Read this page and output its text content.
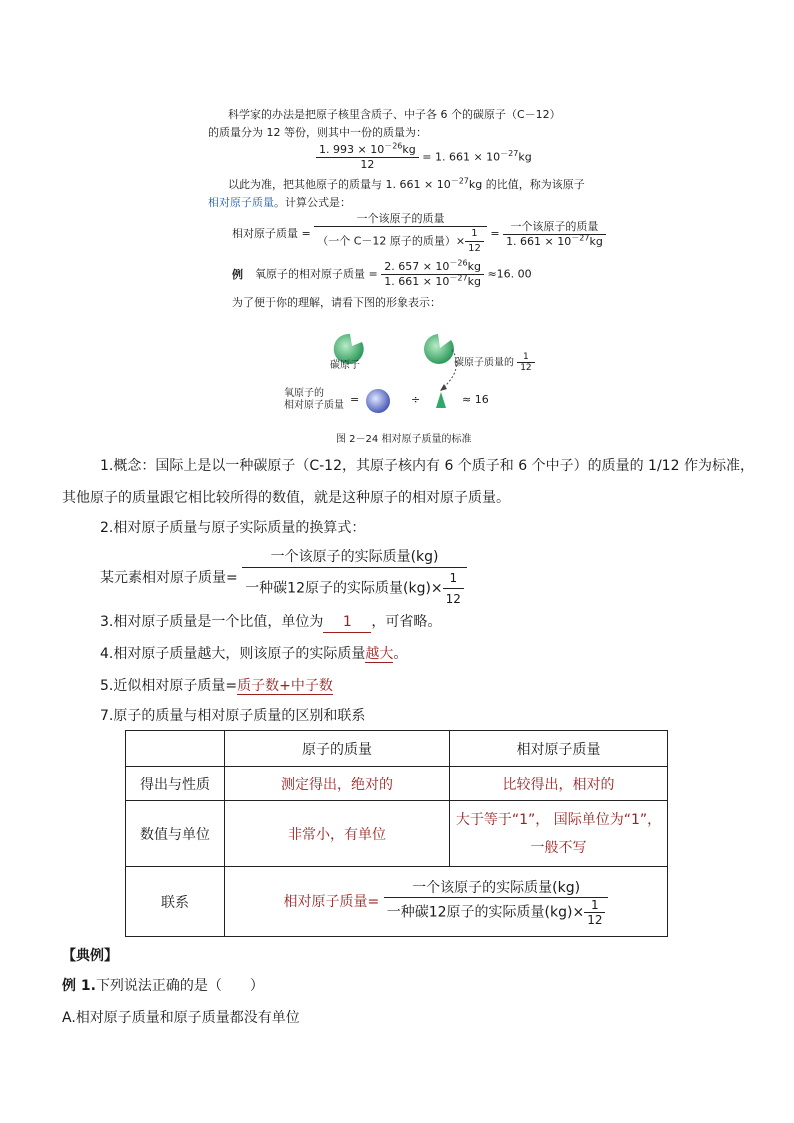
科学家的办法是把原子核里含质子、中子各 6 个的碳原子（C－12）
的质量分为 12 等份，则其中一份的质量为：
$\frac{1. 993 \times 10^{-26}kg}{12} = 1$. $661 \times 10^{-27}kg$
以此为准，把其他原子的质量与 1. $661 \times 10^{-27}kg$ 的比值，称为该原子
相对原子质量。计算公式是：
相对原子质量 = $\frac{\text{一个该原子的质量}}{(一个 C-12 原子的质量)\times \frac{1}{12}} = \frac{\text{一个该原子的质量}}{1. 661 \times 10^{-27}kg}$
例 氧原子的相对原子质量 = $\frac{2. 657 \times 10^{-26}kg}{1. 661 \times 10^{-27}kg} \approx 16$. 00
为了便于你的理解，请看下图的形象表示：
碳原子	碳原子质量的 $\frac{1}{12}$
氧原子的
相对原子质量 =	÷	≈ 16
图 2－24 相对原子质量的标准
1.概念：国际上是以一种碳原子（C-12，其原子核内有 6 个质子和 6 个中子）的质量的 1/12 作为标准，
其他原子的质量跟它相比较所得的数值，就是这种原子的相对原子质量。
2.相对原子质量与原子实际质量的换算式：
某元素相对原子质量= $\frac{\text{一个该原子的实际质量(kg)}}{一种碳12原子的实际质量(kg)\times \frac{1}{12}}$
3.相对原子质量是一个比值，单位为 1 ，可省略。
4.相对原子质量越大，则该原子的实际质量越大。
5.近似相对原子质量=质子数+中子数
7.原子的质量与相对原子质量的区别和联系
	原子的质量	相对原子质量
得出与性质	测定得出，绝对的	比较得出，相对的
数值与单位	非常小，有单位	大于等于“1”， 国际单位为“1”，
一般不写

联系	相对原子质量= $\frac{\text{一个该原子的实际质量(kg)}}{一种碳12原子的实际质量(kg)\times \frac{1}{12}}$
【典例】
例 1.下列说法正确的是（　　）
A.相对原子质量和原子质量都没有单位
